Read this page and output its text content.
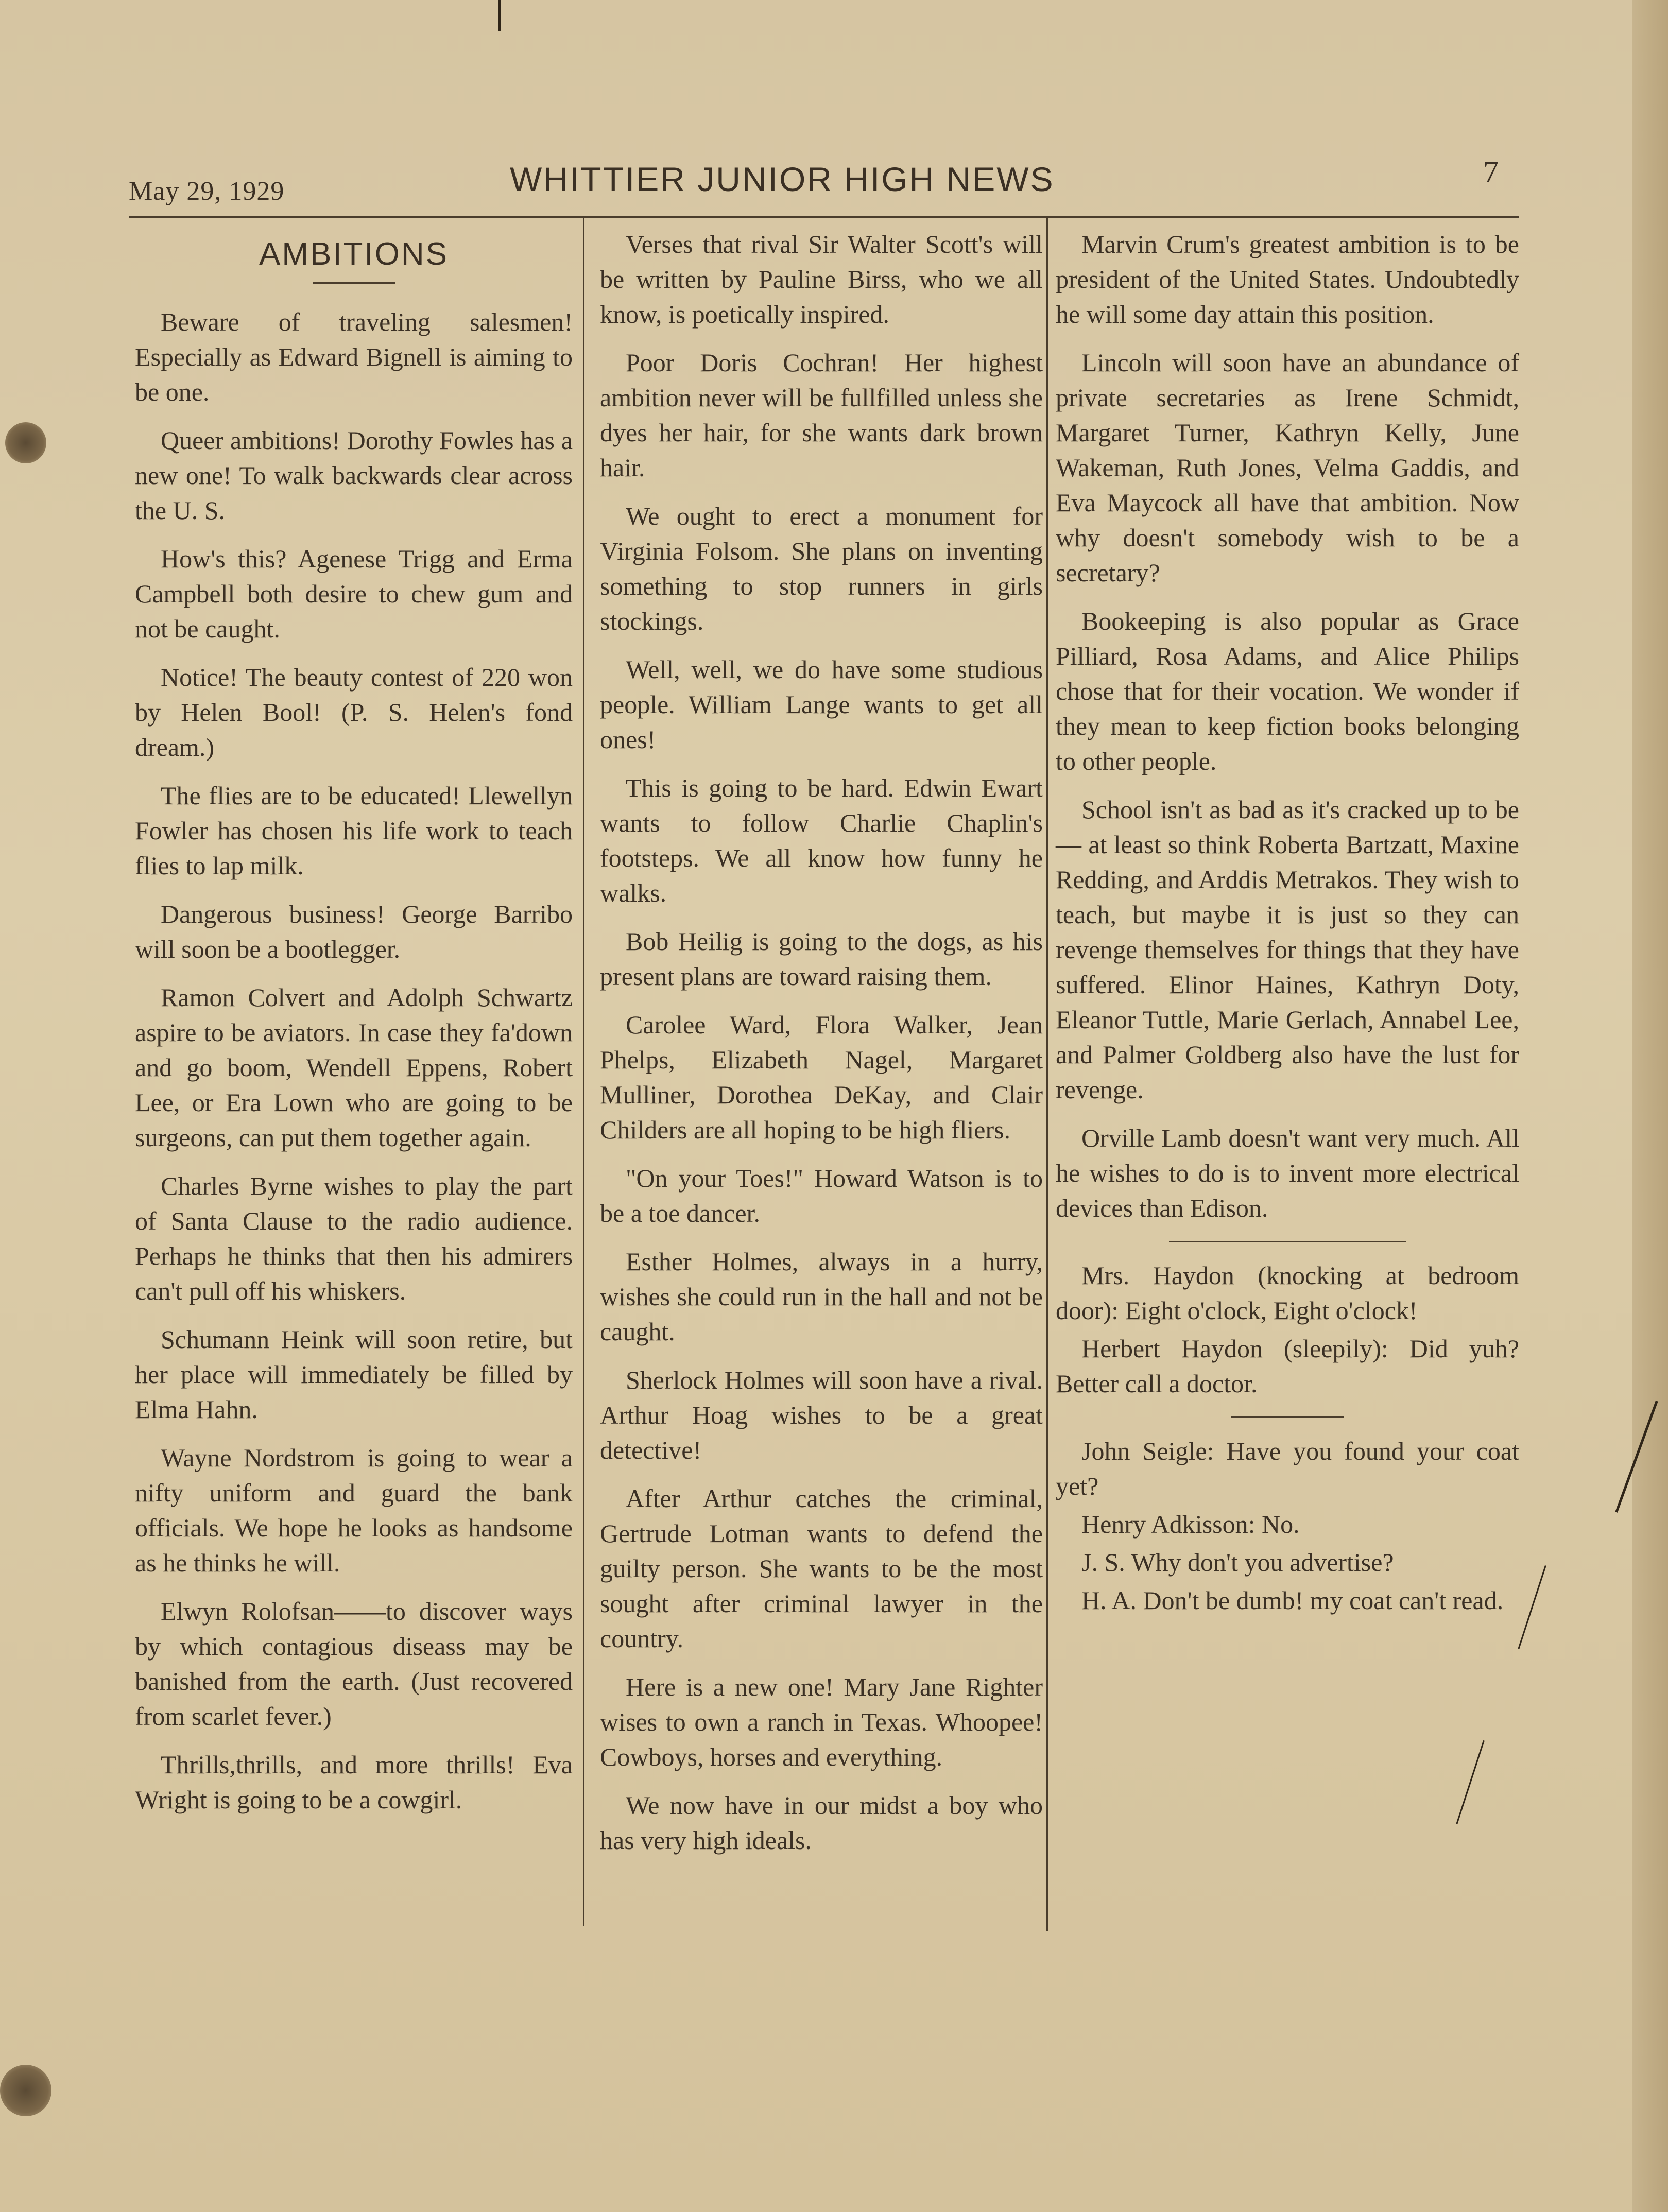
May 29, 1929	WHITTIER JUNIOR HIGH NEWS	7
AMBITIONS

Beware of traveling salesmen! Especially as Edward Bignell is aiming to be one.

Queer ambitions! Dorothy Fowles has a new one! To walk backwards clear across the U. S.

How's this? Agenese Trigg and Erma Campbell both desire to chew gum and not be caught.

Notice! The beauty contest of 220 won by Helen Bool! (P. S. Helen's fond dream.)

The flies are to be educated! Llewellyn Fowler has chosen his life work to teach flies to lap milk.

Dangerous business! George Barribo will soon be a bootlegger.

Ramon Colvert and Adolph Schwartz aspire to be aviators. In case they fa'down and go boom, Wendell Eppens, Robert Lee, or Era Lown who are going to be surgeons, can put them together again.

Charles Byrne wishes to play the part of Santa Clause to the radio audience. Perhaps he thinks that then his admirers can't pull off his whiskers.

Schumann Heink will soon retire, but her place will immediately be filled by Elma Hahn.

Wayne Nordstrom is going to wear a nifty uniform and guard the bank officials. We hope he looks as handsome as he thinks he will.

Elwyn Rolofsan——to discover ways by which contagious diseass may be banished from the earth. (Just recovered from scarlet fever.)

Thrills,thrills, and more thrills! Eva Wright is going to be a cowgirl.

Verses that rival Sir Walter Scott's will be written by Pauline Birss, who we all know, is poetically inspired.

Poor Doris Cochran! Her highest ambition never will be fullfilled unless she dyes her hair, for she wants dark brown hair.

We ought to erect a monument for Virginia Folsom. She plans on inventing something to stop runners in girls stockings.

Well, well, we do have some studious people. William Lange wants to get all ones!

This is going to be hard. Edwin Ewart wants to follow Charlie Chaplin's footsteps. We all know how funny he walks.

Bob Heilig is going to the dogs, as his present plans are toward raising them.

Carolee Ward, Flora Walker, Jean Phelps, Elizabeth Nagel, Margaret Mulliner, Dorothea DeKay, and Clair Childers are all hoping to be high fliers.

"On your Toes!" Howard Watson is to be a toe dancer.

Esther Holmes, always in a hurry, wishes she could run in the hall and not be caught.

Sherlock Holmes will soon have a rival. Arthur Hoag wishes to be a great detective!

After Arthur catches the criminal, Gertrude Lotman wants to defend the guilty person. She wants to be the most sought after criminal lawyer in the country.

Here is a new one! Mary Jane Righter wises to own a ranch in Texas. Whoopee! Cowboys, horses and everything.

We now have in our midst a boy who has very high ideals.

Marvin Crum's greatest ambition is to be president of the United States. Undoubtedly he will some day attain this position.

Lincoln will soon have an abundance of private secretaries as Irene Schmidt, Margaret Turner, Kathryn Kelly, June Wakeman, Ruth Jones, Velma Gaddis, and Eva Maycock all have that ambition. Now why doesn't somebody wish to be a secretary?

Bookeeping is also popular as Grace Pilliard, Rosa Adams, and Alice Philips chose that for their vocation. We wonder if they mean to keep fiction books belonging to other people.

School isn't as bad as it's cracked up to be— at least so think Roberta Bartzatt, Maxine Redding, and Arddis Metrakos. They wish to teach, but maybe it is just so they can revenge themselves for things that they have suffered. Elinor Haines, Kathryn Doty, Eleanor Tuttle, Marie Gerlach, Annabel Lee, and Palmer Goldberg also have the lust for revenge.

Orville Lamb doesn't want very much. All he wishes to do is to invent more electrical devices than Edison.

Mrs. Haydon (knocking at bedroom door): Eight o'clock, Eight o'clock!

Herbert Haydon (sleepily): Did yuh? Better call a doctor.

John Seigle: Have you found your coat yet?

Henry Adkisson: No.

J. S. Why don't you advertise?

H. A. Don't be dumb! my coat can't read.
